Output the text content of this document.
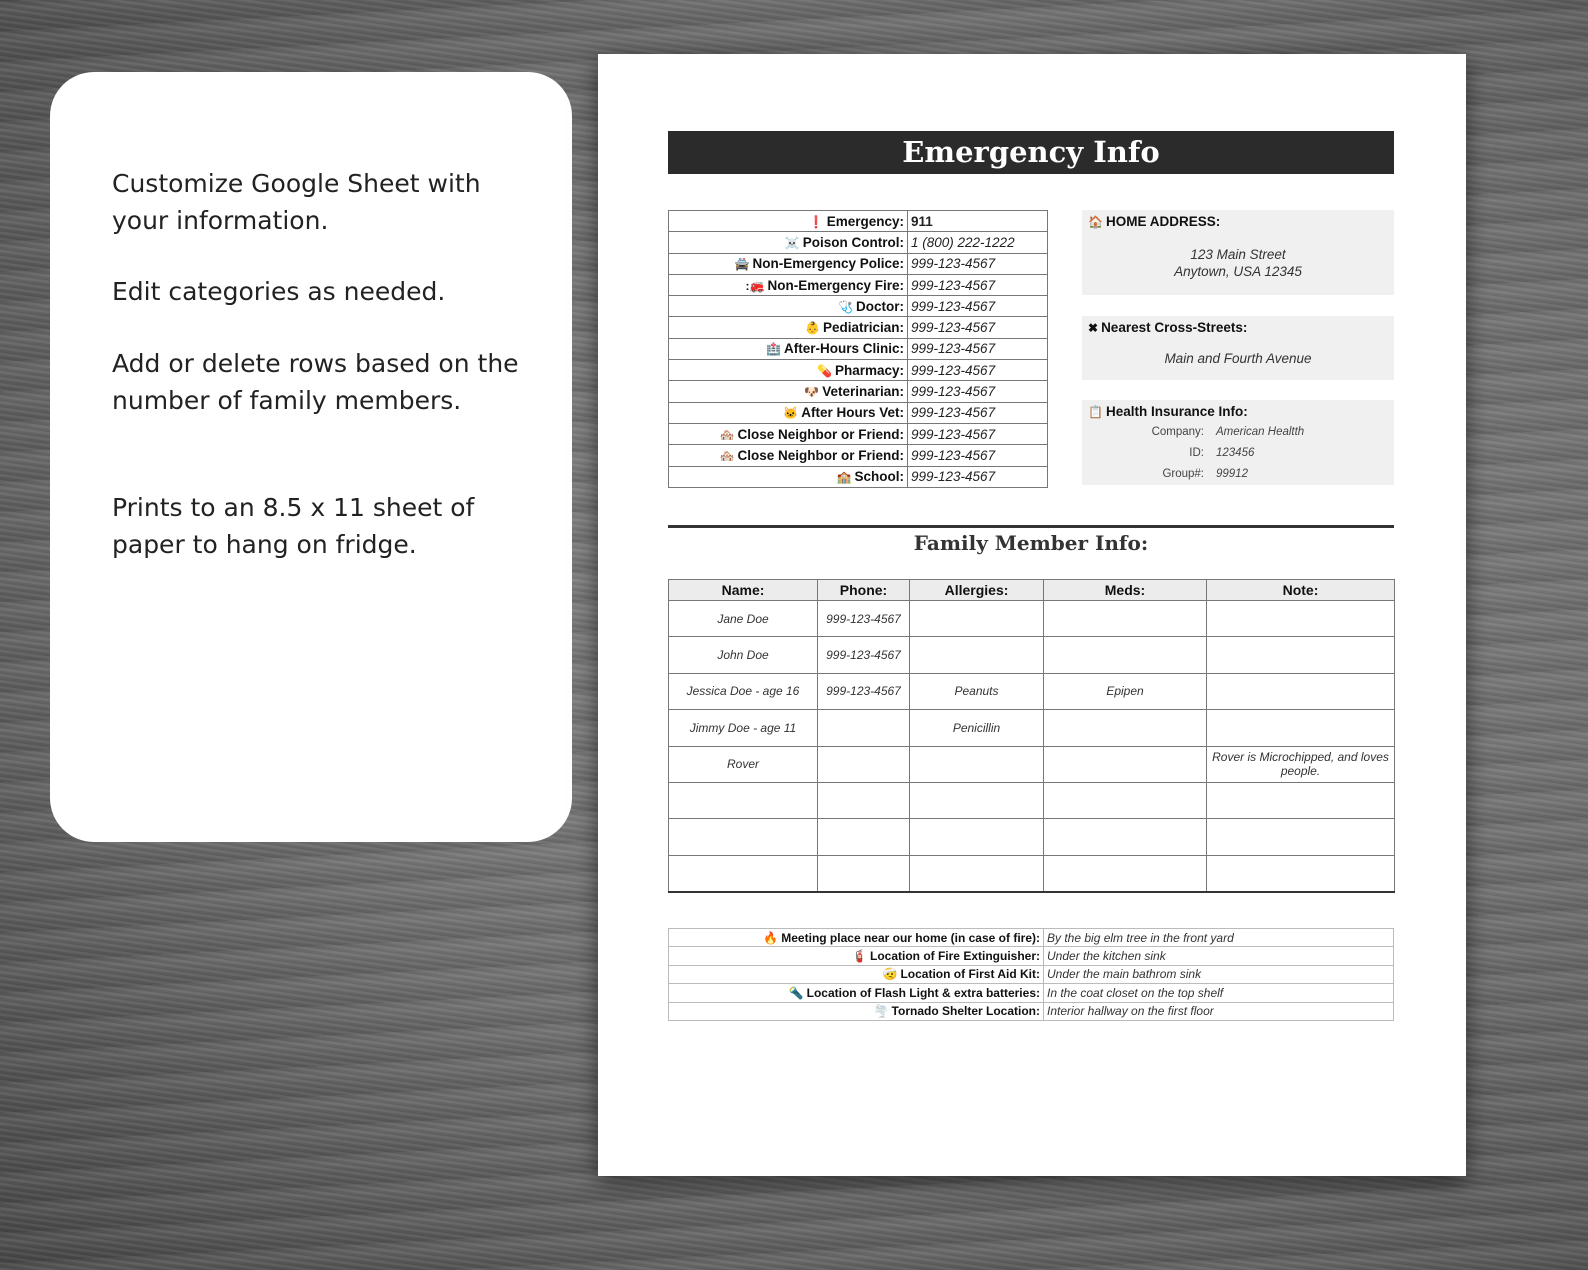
Customize Google Sheet with your information.

Edit categories as needed.

Add or delete rows based on the number of family members.

Prints to an 8.5 x 11 sheet of paper to hang on fridge.

Emergency Info
❗ Emergency:	911
☠️ Poison Control:	1 (800) 222-1222
🚔 Non-Emergency Police:	999-123-4567
:🚒 Non-Emergency Fire:	999-123-4567
🩺 Doctor:	999-123-4567
👶 Pediatrician:	999-123-4567
🏥 After-Hours Clinic:	999-123-4567
💊 Pharmacy:	999-123-4567
🐶 Veterinarian:	999-123-4567
🐱 After Hours Vet:	999-123-4567
🏘️ Close Neighbor or Friend:	999-123-4567
🏘️ Close Neighbor or Friend:	999-123-4567
🏫 School:	999-123-4567
🏠 HOME ADDRESS:
123 Main Street
Anytown, USA 12345
✖ Nearest Cross-Streets:
Main and Fourth Avenue
📋 Health Insurance Info:
Company: American Healtth
ID: 123456
Group#: 99912
Family Member Info:
Name:	Phone:	Allergies:	Meds:	Note:
Jane Doe	999-123-4567			
John Doe	999-123-4567			
Jessica Doe - age 16	999-123-4567	Peanuts	Epipen	
Jimmy Doe - age 11		Penicillin		
Rover				Rover is Microchipped, and loves people.

🔥 Meeting place near our home (in case of fire):	By the big elm tree in the front yard
🧯 Location of Fire Extinguisher:	Under the kitchen sink
🤕 Location of First Aid Kit:	Under the main bathrom sink
🔦 Location of Flash Light & extra batteries:	In the coat closet on the top shelf
🌪️ Tornado Shelter Location:	Interior hallway on the first floor
